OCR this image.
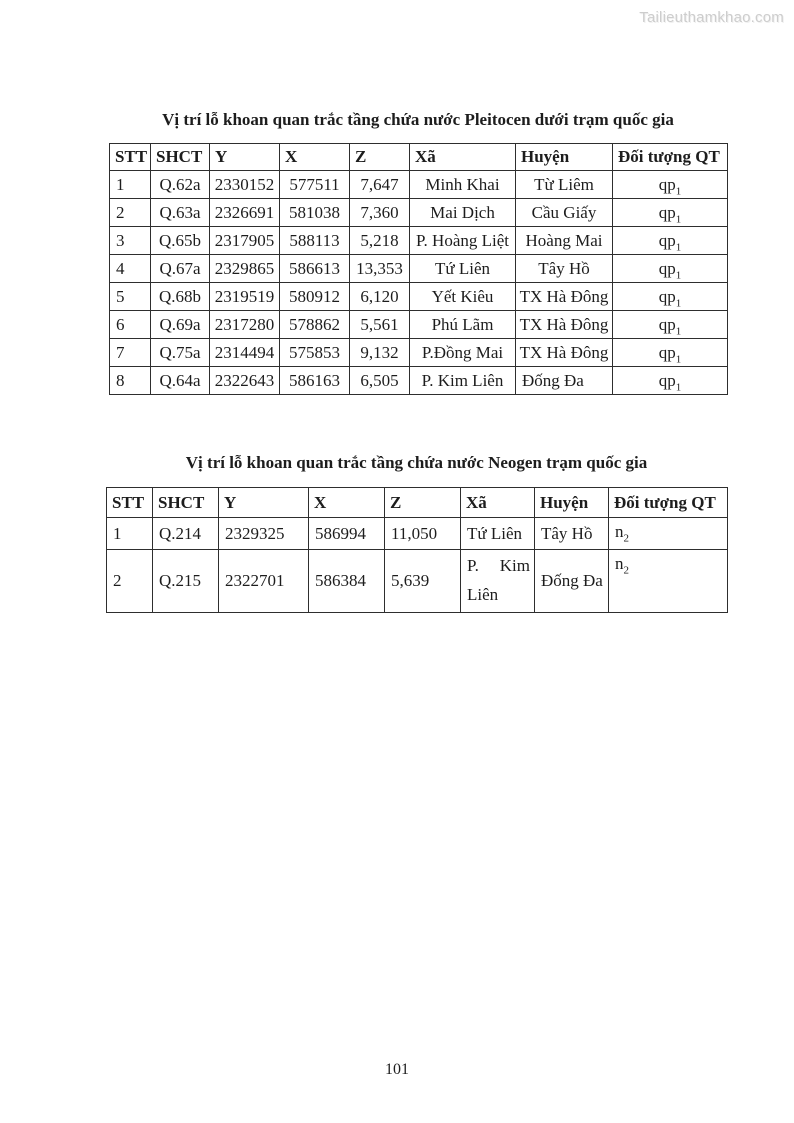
Tailieuthamkhao.com
Vị trí lỗ khoan quan trắc tầng chứa nước Pleitocen dưới trạm quốc gia
STT	SHCT	Y	X	Z	Xã	Huyện	Đối tượng QT
1	Q.62a	2330152	577511	7,647	Minh Khai	Từ Liêm	$qp_1$
2	Q.63a	2326691	581038	7,360	Mai Dịch	Cầu Giấy	$qp_1$
3	Q.65b	2317905	588113	5,218	P. Hoàng Liệt	Hoàng Mai	$qp_1$
4	Q.67a	2329865	586613	13,353	Tứ Liên	Tây Hồ	$qp_1$
5	Q.68b	2319519	580912	6,120	Yết Kiêu	TX Hà Đông	$qp_1$
6	Q.69a	2317280	578862	5,561	Phú Lãm	TX Hà Đông	$qp_1$
7	Q.75a	2314494	575853	9,132	P.Đồng Mai	TX Hà Đông	$qp_1$
8	Q.64a	2322643	586163	6,505	P. Kim Liên	Đống Đa	$qp_1$
Vị trí lỗ khoan quan trắc tầng chứa nước Neogen trạm quốc gia
STT	SHCT	Y	X	Z	Xã	Huyện	Đối tượng QT
1	Q.214	2329325	586994	11,050	Tứ Liên	Tây Hồ	$n_2$
2	Q.215	2322701	586384	5,639	P. Kim Liên	Đống Đa	$n_2$
101
